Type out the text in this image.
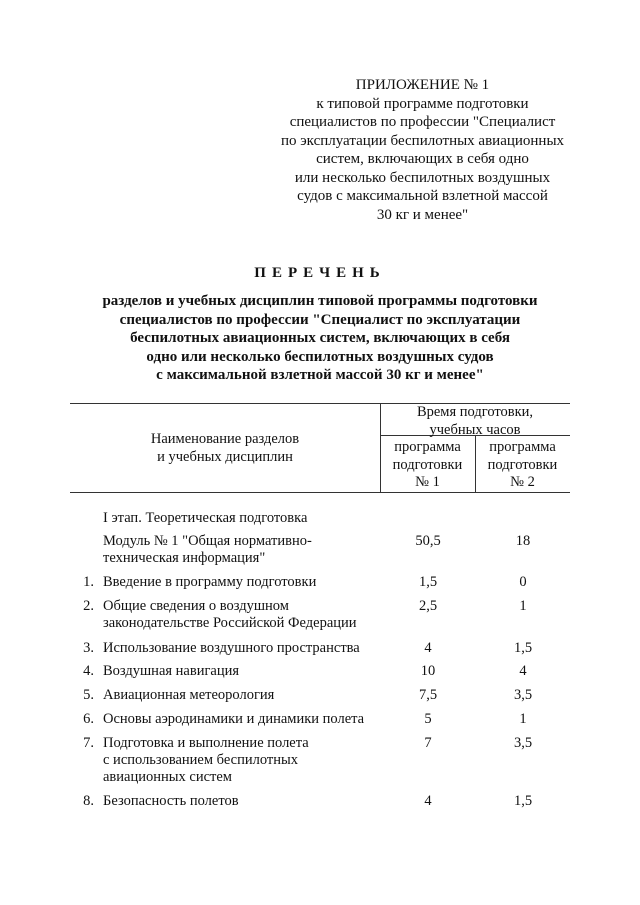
ПРИЛОЖЕНИЕ № 1
к типовой программе подготовки
специалистов по профессии "Специалист
по эксплуатации беспилотных авиационных
систем, включающих в себя одно
или несколько беспилотных воздушных
судов с максимальной взлетной массой
30 кг и менее"
ПЕРЕЧЕНЬ
разделов и учебных дисциплин типовой программы подготовки
специалистов по профессии "Специалист по эксплуатации
беспилотных авиационных систем, включающих в себя
одно или несколько беспилотных воздушных судов
с максимальной взлетной массой 30 кг и менее"
Наименование разделов
и учебных дисциплин
Время подготовки,
учебных часов
программа
подготовки
№ 1
программа
подготовки
№ 2
I этап. Теоретическая подготовка
Модуль № 1 "Общая нормативно-
техническая информация"
50,5	18
1. Введение в программу подготовки	1,5	0
2. Общие сведения о воздушном
законодательстве Российской Федерации
2,5	1
3. Использование воздушного пространства	4	1,5
4. Воздушная навигация	10	4
5. Авиационная метеорология	7,5	3,5
6. Основы аэродинамики и динамики полета	5	1
7. Подготовка и выполнение полета
с использованием беспилотных
авиационных систем
7	3,5
8. Безопасность полетов	4	1,5
